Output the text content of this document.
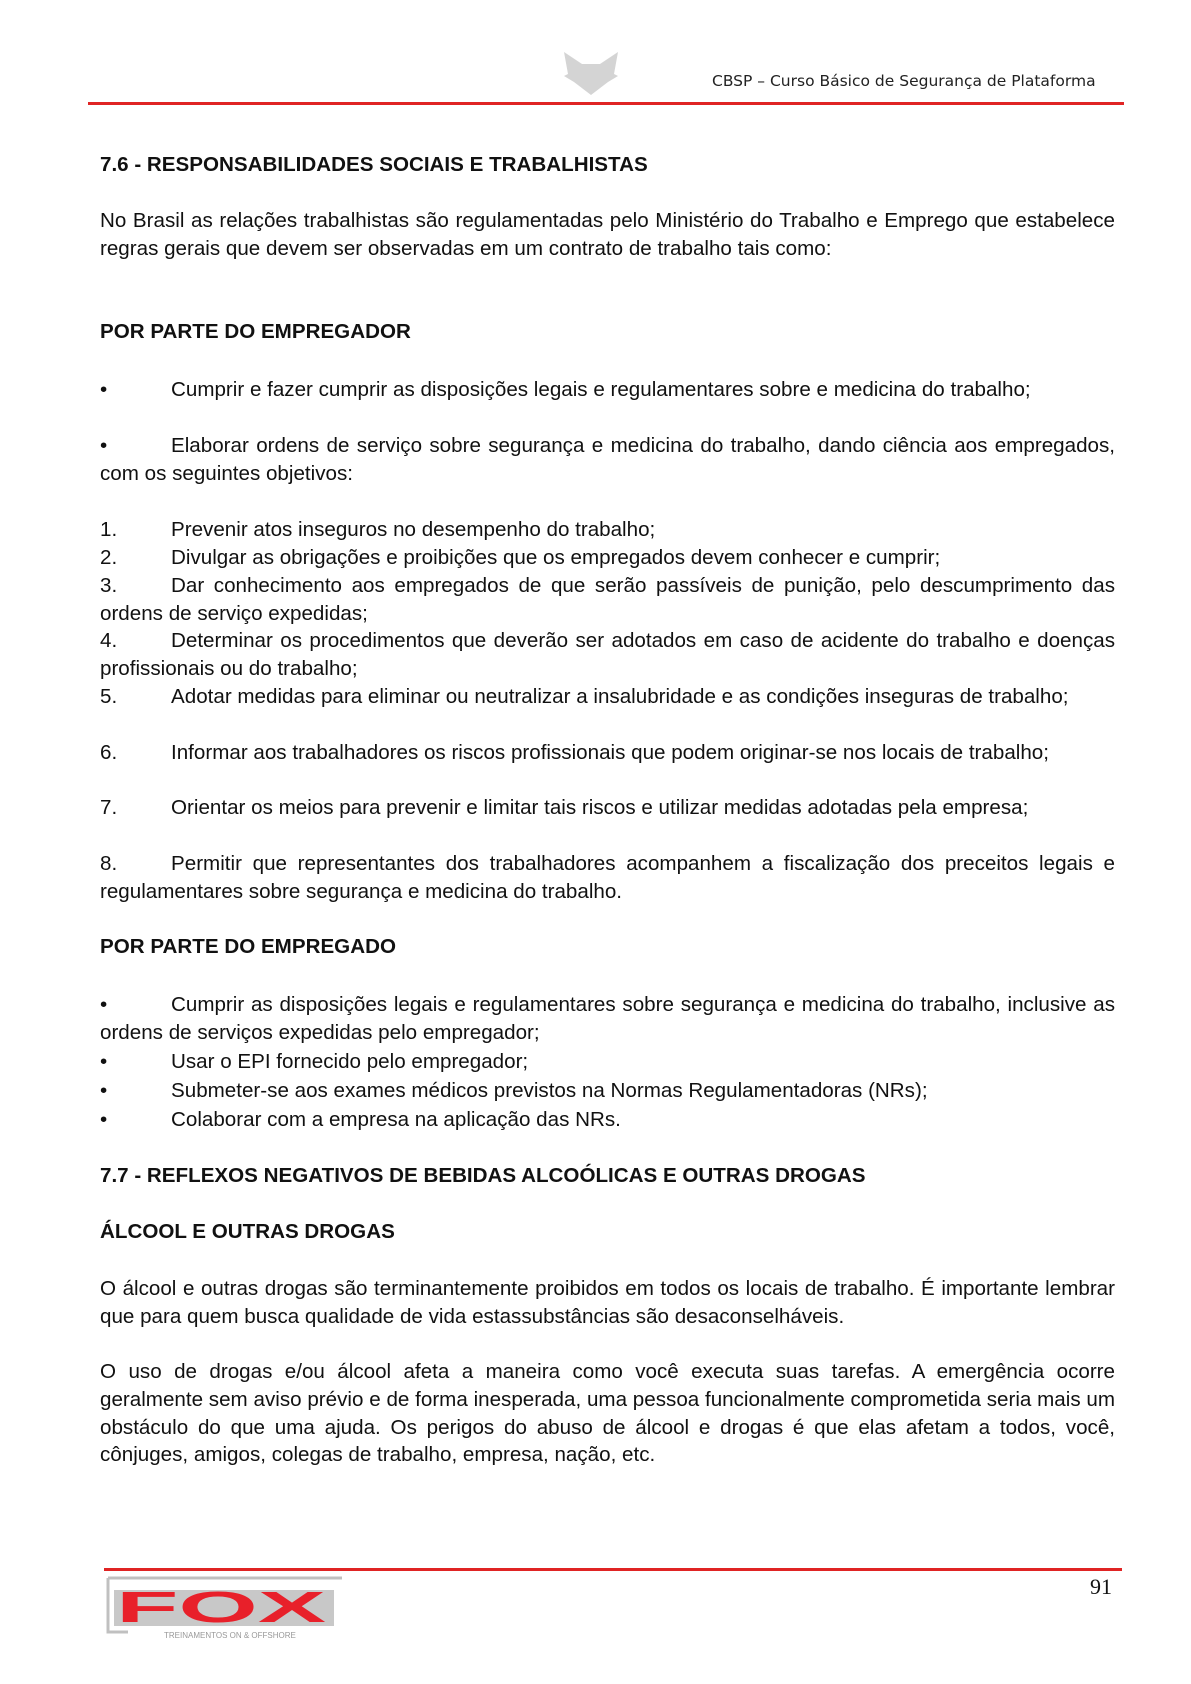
CBSP – Curso Básico de Segurança de Plataforma
7.6 - RESPONSABILIDADES SOCIAIS E TRABALHISTAS
No Brasil as relações trabalhistas são regulamentadas pelo Ministério do Trabalho e Emprego que estabelece regras gerais que devem ser observadas em um contrato de trabalho tais como:
POR PARTE DO EMPREGADOR
•	Cumprir e fazer cumprir as disposições legais e regulamentares sobre e medicina do trabalho;
•	Elaborar ordens de serviço sobre segurança e medicina do trabalho, dando ciência aos empregados, com os seguintes objetivos:
1.	Prevenir atos inseguros no desempenho do trabalho;
2.	Divulgar as obrigações e proibições que os empregados devem conhecer e cumprir;
3.	Dar conhecimento aos empregados de que serão passíveis de punição, pelo descumprimento das ordens de serviço expedidas;
4.	Determinar os procedimentos que deverão ser adotados em caso de acidente do trabalho e doenças profissionais ou do trabalho;
5.	Adotar medidas para eliminar ou neutralizar a insalubridade e as condições inseguras de trabalho;
6.	Informar aos trabalhadores os riscos profissionais que podem originar-se nos locais de trabalho;
7.	Orientar os meios para prevenir e limitar tais riscos e utilizar medidas adotadas pela empresa;
8.	Permitir que representantes dos trabalhadores acompanhem a fiscalização dos preceitos legais e regulamentares sobre segurança e medicina do trabalho.
POR PARTE DO EMPREGADO
•	Cumprir as disposições legais e regulamentares sobre segurança e medicina do trabalho, inclusive as ordens de serviços expedidas pelo empregador;
•	Usar o EPI fornecido pelo empregador;
•	Submeter-se aos exames médicos previstos na Normas Regulamentadoras (NRs);
•	Colaborar com a empresa na aplicação das NRs.
7.7 - REFLEXOS NEGATIVOS DE BEBIDAS ALCOÓLICAS E OUTRAS DROGAS
ÁLCOOL E OUTRAS DROGAS
O álcool e outras drogas são terminantemente proibidos em todos os locais de trabalho. É importante lembrar que para quem busca qualidade de vida estassubstâncias são desaconselháveis.
O uso de drogas e/ou álcool afeta a maneira como você executa suas tarefas. A emergência ocorre geralmente sem aviso prévio e de forma inesperada, uma pessoa funcionalmente comprometida seria mais um obstáculo do que uma ajuda. Os perigos do abuso de álcool e drogas é que elas afetam a todos, você, cônjuges, amigos, colegas de trabalho, empresa, nação, etc.
91
FOX
TREINAMENTOS ON & OFFSHORE
